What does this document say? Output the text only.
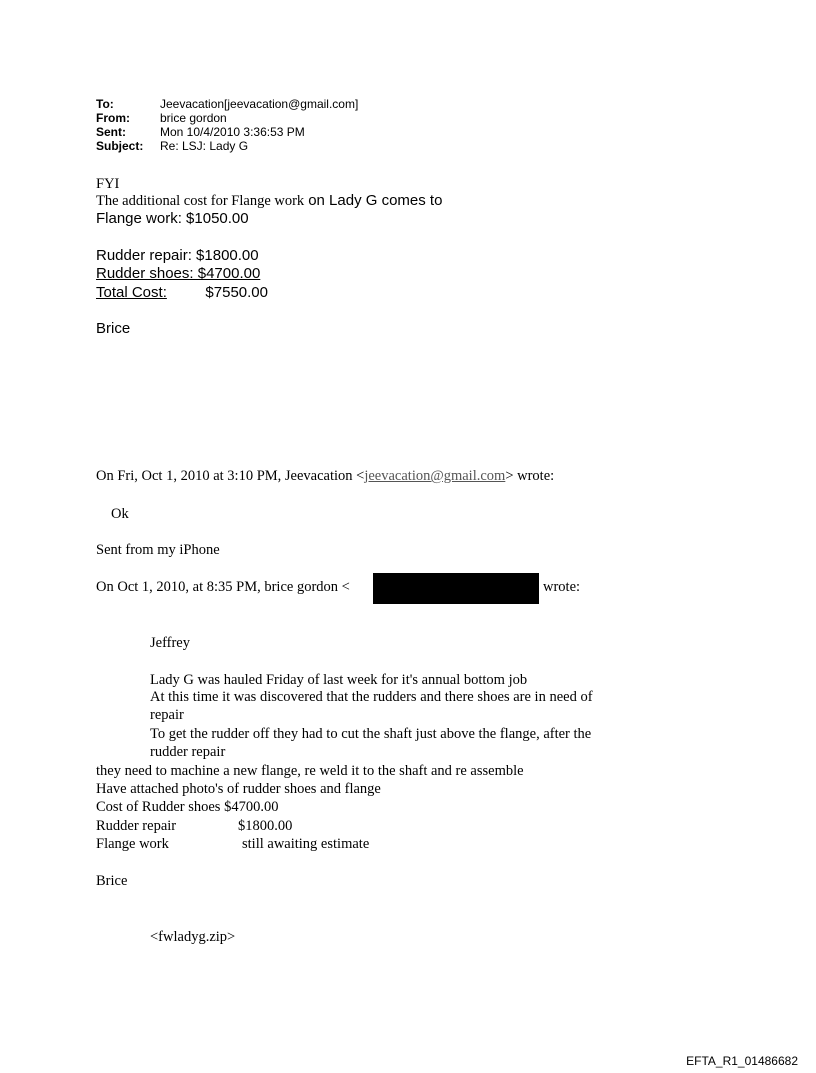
To:	Jeevacation[jeevacation@gmail.com]
From:	brice gordon
Sent:	Mon 10/4/2010 3:36:53 PM
Subject: Re: LSJ: Lady G
FYI
The additional cost for Flange work on Lady G comes to
Flange work: $1050.00
Rudder repair: $1800.00
Rudder shoes: $4700.00
Total Cost:	$7550.00
Brice
On Fri, Oct 1, 2010 at 3:10 PM, Jeevacation <jeevacation@gmail.com> wrote:
Ok
Sent from my iPhone
On Oct 1, 2010, at 8:35 PM, brice gordon <	wrote:
Jeffrey
Lady G was hauled Friday of last week for it's annual bottom job
At this time it was discovered that the rudders and there shoes are in need of
repair
To get the rudder off they had to cut the shaft just above the flange, after the
rudder repair
they need to machine a new flange, re weld it to the shaft and re assemble
Have attached photo's of rudder shoes and flange
Cost of Rudder shoes $4700.00
Rudder repair	$1800.00
Flange work	still awaiting estimate
Brice
<fwladyg.zip>
EFTA_R1_01486682
